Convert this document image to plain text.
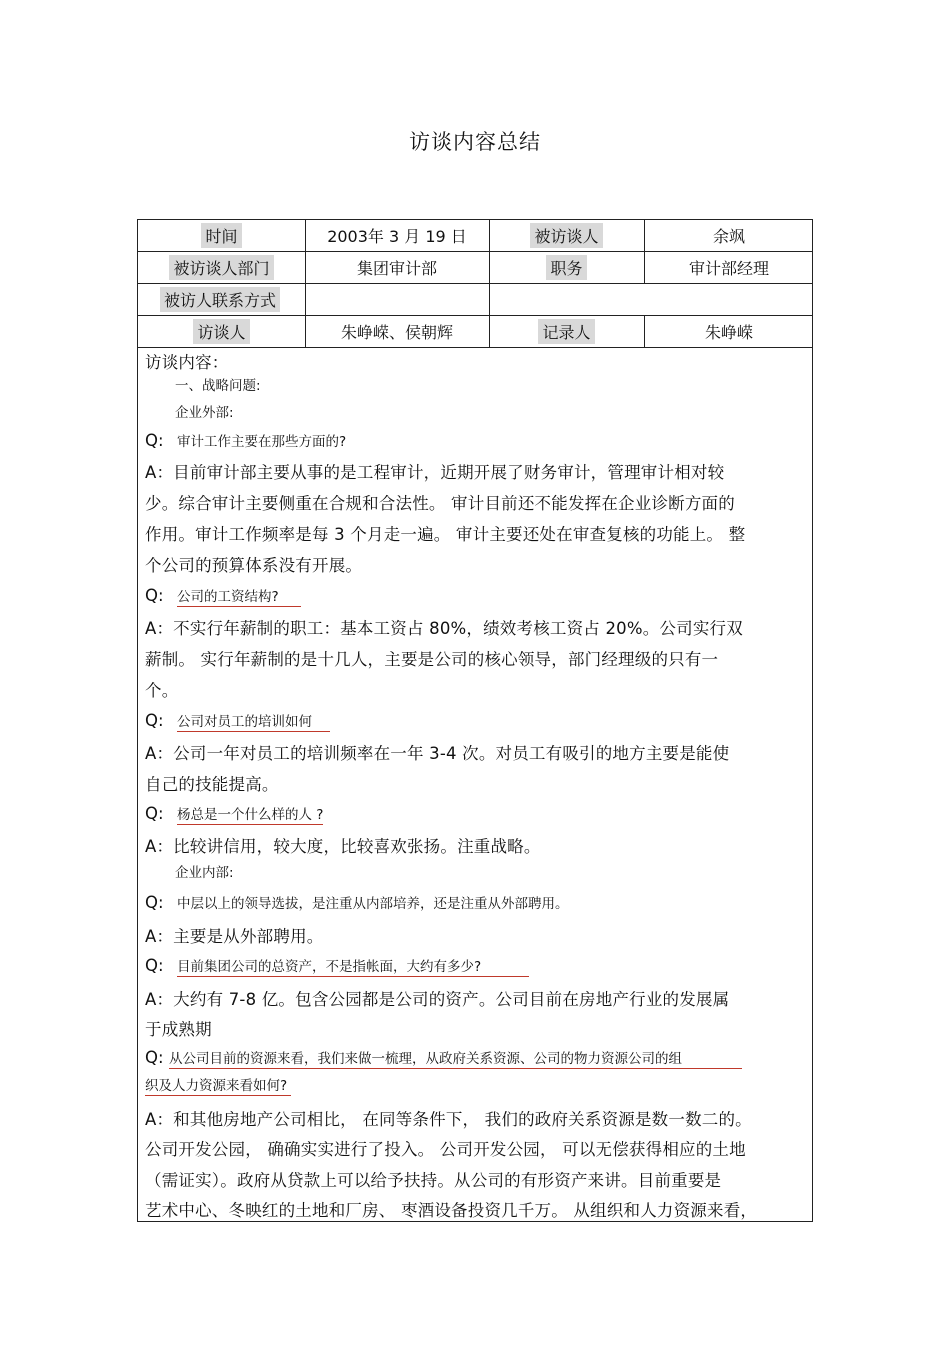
访谈内容总结
时间	2003年 3 月 19 日	被访谈人	余飒
被访谈人部门	集团审计部	职务	审计部经理
被访人联系方式
访谈人	朱峥嵘、侯朝辉	记录人	朱峥嵘
访谈内容：
一、战略问题:
企业外部:
Q: 审计工作主要在那些方面的?
A：目前审计部主要从事的是工程审计，近期开展了财务审计，管理审计相对较
少。综合审计主要侧重在合规和合法性。 审计目前还不能发挥在企业诊断方面的
作用。审计工作频率是每 3 个月走一遍。 审计主要还处在审查复核的功能上。 整
个公司的预算体系没有开展。
Q: 公司的工资结构?
A：不实行年薪制的职工：基本工资占 80%，绩效考核工资占 20%。公司实行双
薪制。 实行年薪制的是十几人，主要是公司的核心领导，部门经理级的只有一
个。
Q: 公司对员工的培训如何
A：公司一年对员工的培训频率在一年 3-4 次。对员工有吸引的地方主要是能使
自己的技能提高。
Q: 杨总是一个什么样的人 ?
A：比较讲信用，较大度，比较喜欢张扬。注重战略。
企业内部:
Q: 中层以上的领导选拔，是注重从内部培养，还是注重从外部聘用。
A：主要是从外部聘用。
Q: 目前集团公司的总资产，不是指帐面，大约有多少?
A：大约有 7-8 亿。包含公园都是公司的资产。公司目前在房地产行业的发展属
于成熟期
Q: 从公司目前的资源来看，我们来做一梳理，从政府关系资源、公司的物力资源公司的组
织及人力资源来看如何?
A：和其他房地产公司相比， 在同等条件下， 我们的政府关系资源是数一数二的。
公司开发公园， 确确实实进行了投入。 公司开发公园， 可以无偿获得相应的土地
（需证实）。政府从贷款上可以给予扶持。从公司的有形资产来讲。目前重要是
艺术中心、冬映红的土地和厂房、 枣酒设备投资几千万。 从组织和人力资源来看，
